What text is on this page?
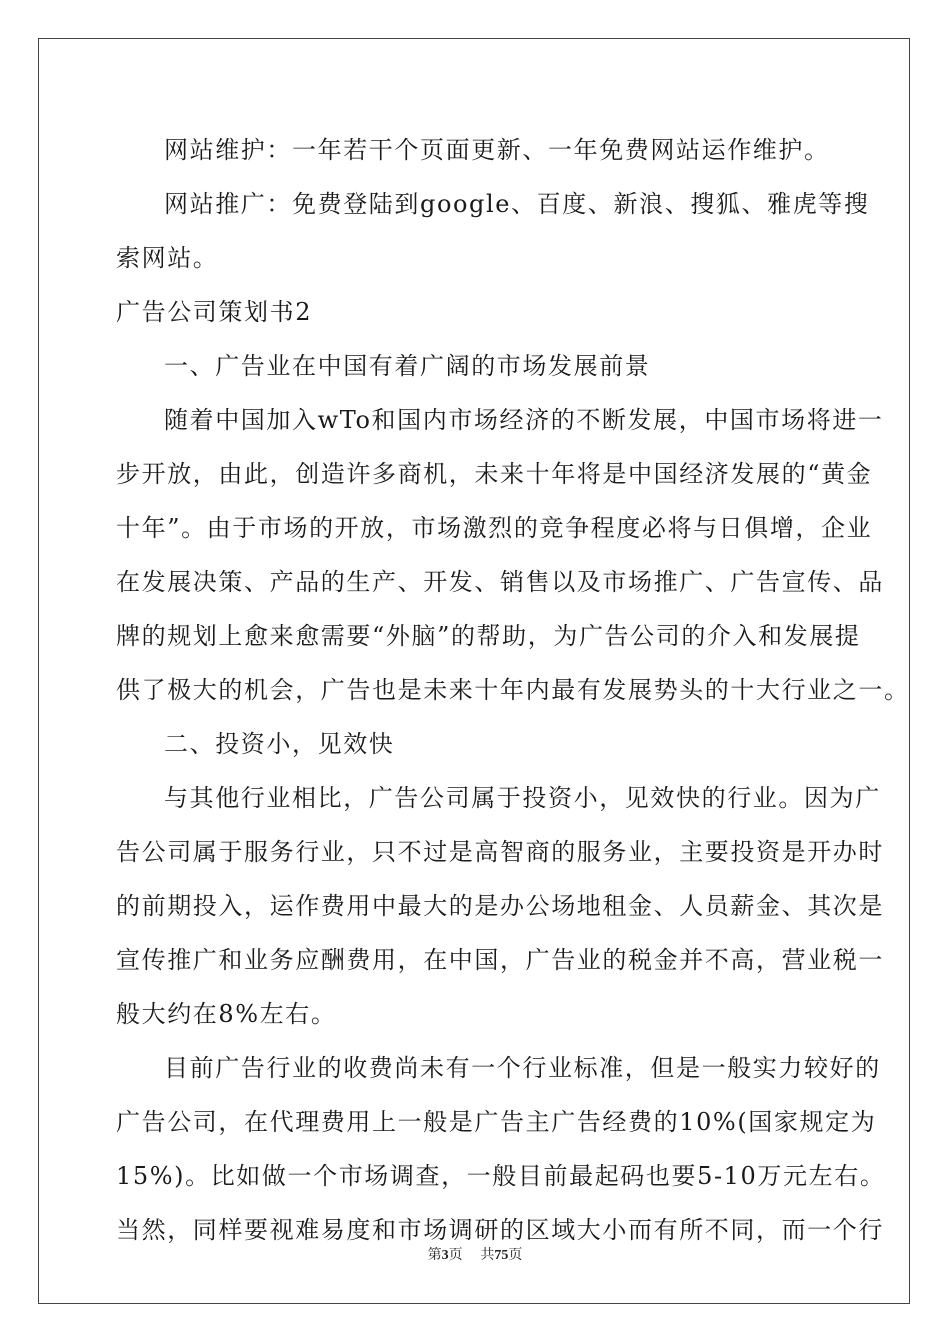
网站维护：一年若干个页面更新、一年免费网站运作维护。
网站推广：免费登陆到google、百度、新浪、搜狐、雅虎等搜
索网站。
广告公司策划书2
一、广告业在中国有着广阔的市场发展前景
随着中国加入wTo和国内市场经济的不断发展，中国市场将进一
步开放，由此，创造许多商机，未来十年将是中国经济发展的“黄金
十年”。由于市场的开放，市场激烈的竞争程度必将与日俱增，企业
在发展决策、产品的生产、开发、销售以及市场推广、广告宣传、品
牌的规划上愈来愈需要“外脑”的帮助，为广告公司的介入和发展提
供了极大的机会，广告也是未来十年内最有发展势头的十大行业之一。
二、投资小，见效快
与其他行业相比，广告公司属于投资小，见效快的行业。因为广
告公司属于服务行业，只不过是高智商的服务业，主要投资是开办时
的前期投入，运作费用中最大的是办公场地租金、人员薪金、其次是
宣传推广和业务应酬费用，在中国，广告业的税金并不高，营业税一
般大约在8%左右。
目前广告行业的收费尚未有一个行业标准，但是一般实力较好的
广告公司，在代理费用上一般是广告主广告经费的10%(国家规定为
15%)。比如做一个市场调查，一般目前最起码也要5-10万元左右。
当然，同样要视难易度和市场调研的区域大小而有所不同，而一个行
第3页 共75页
